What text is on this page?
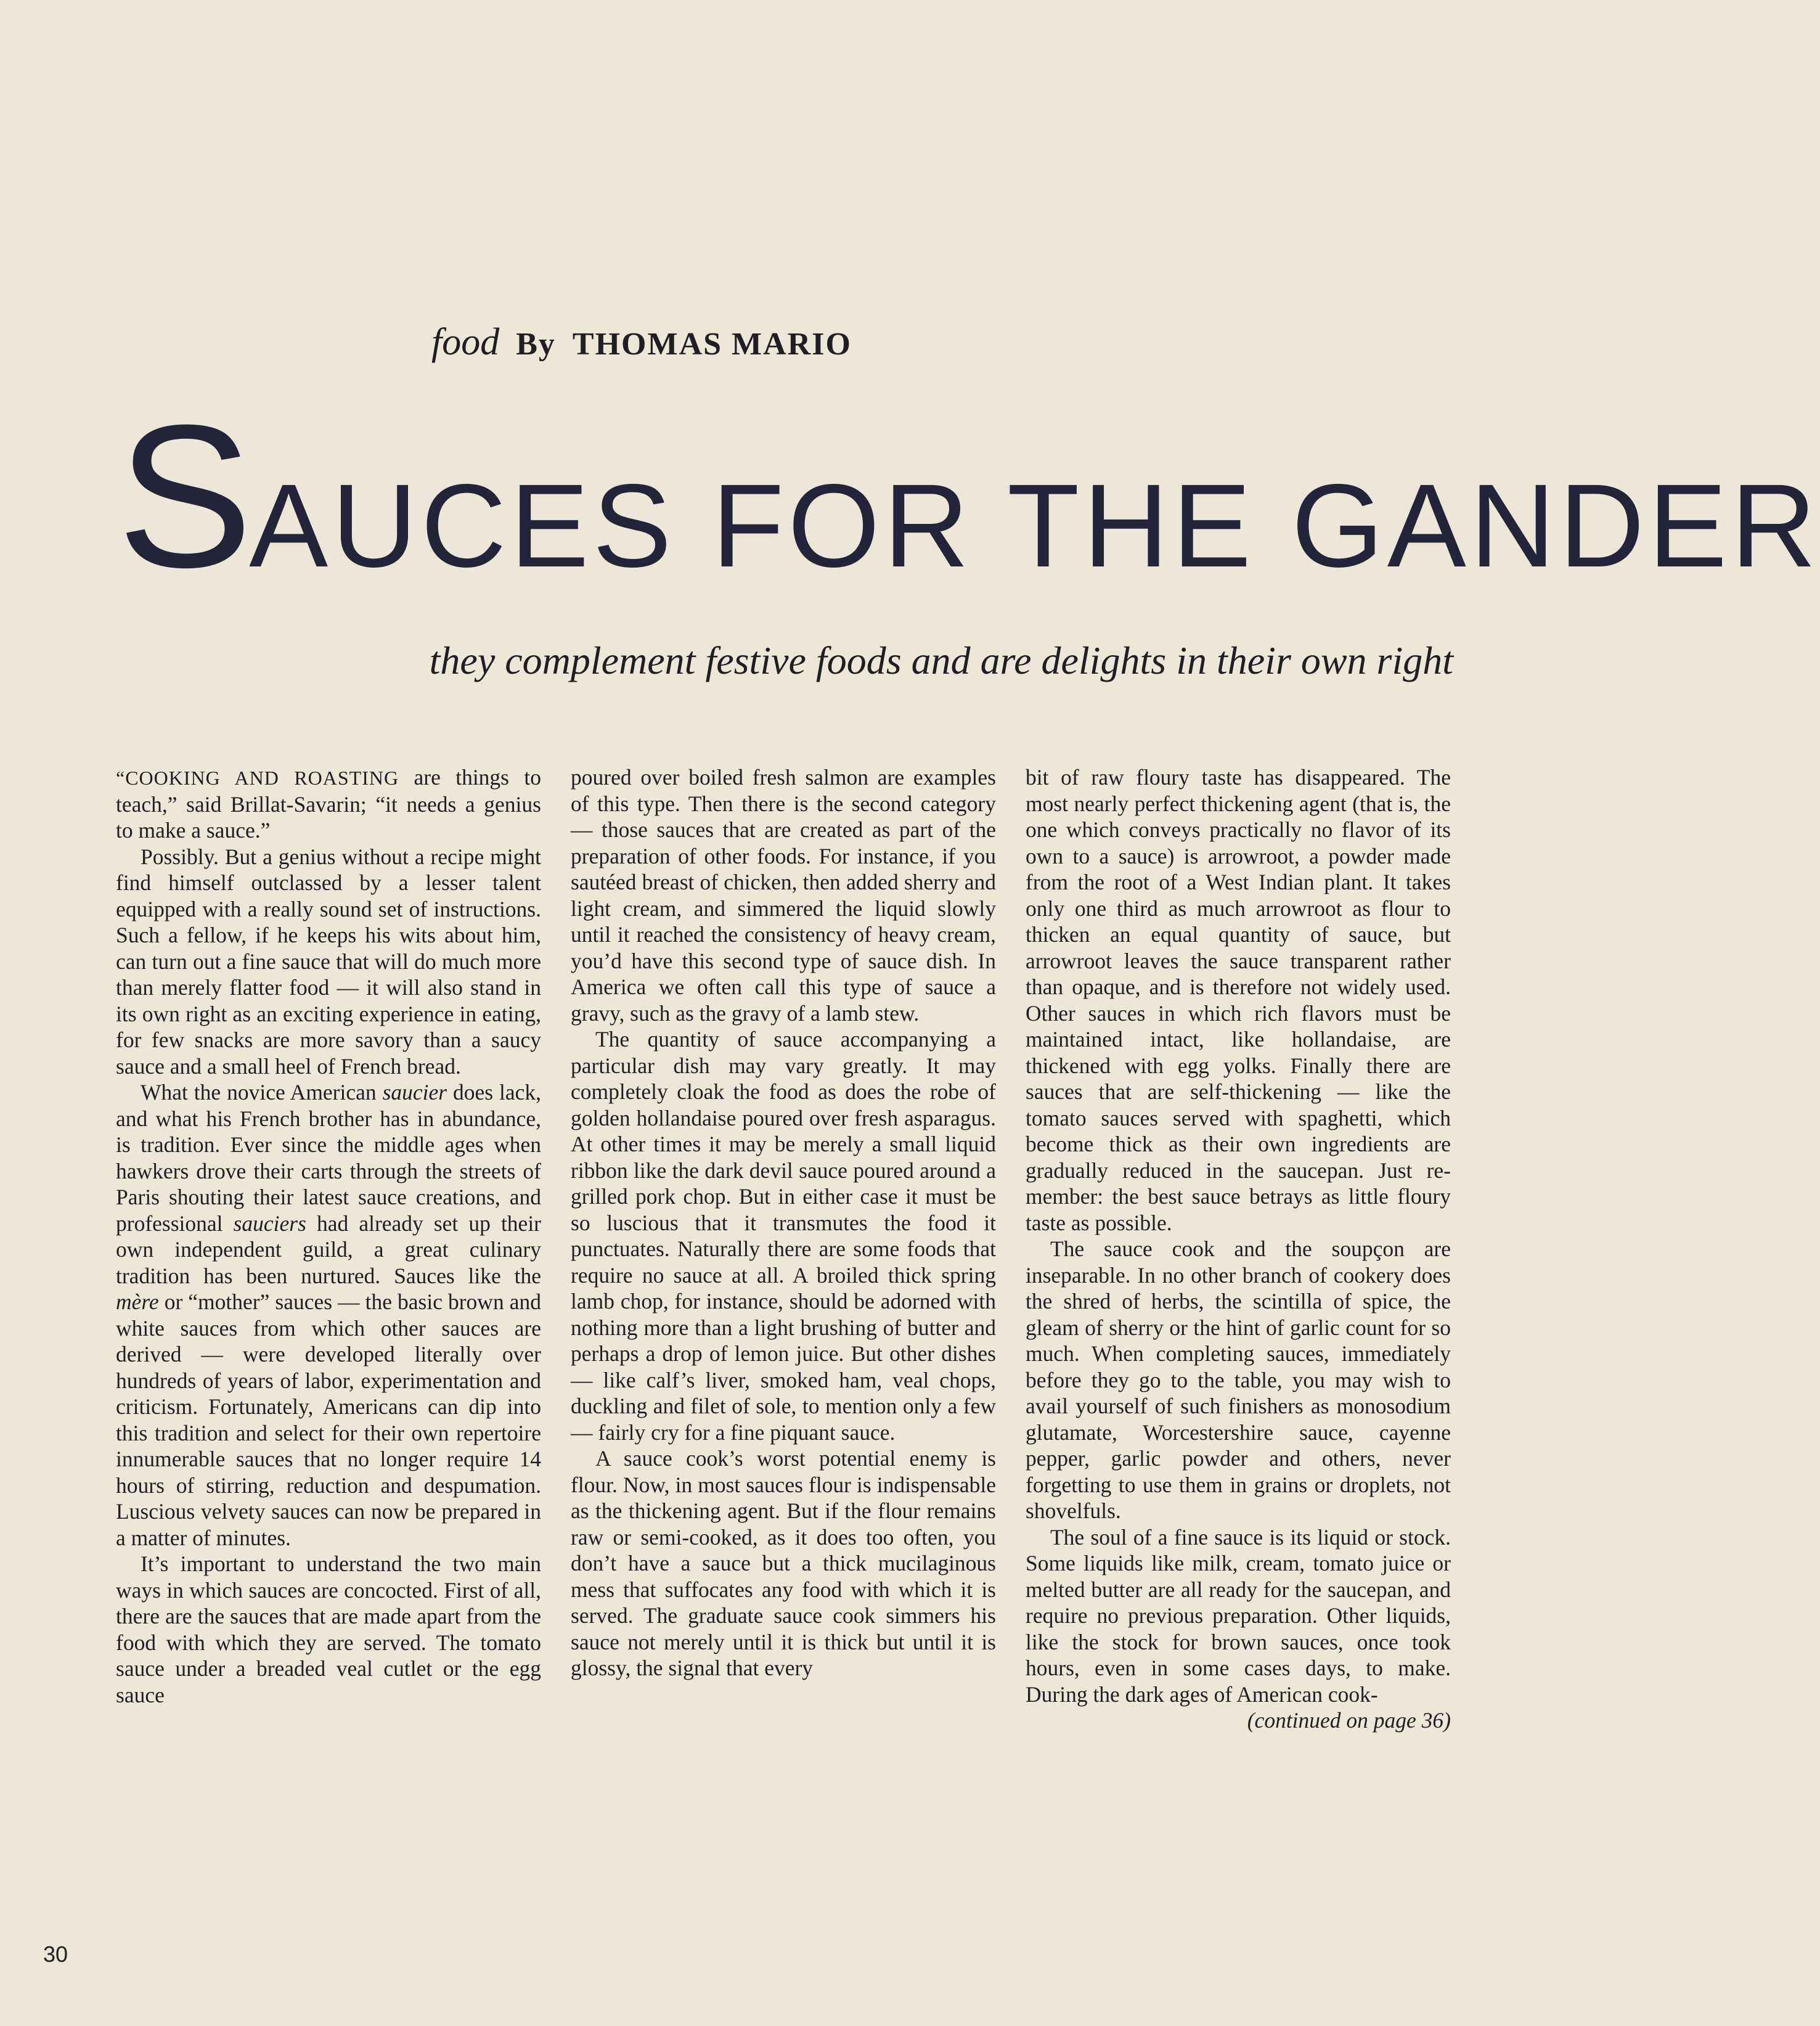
food By THOMAS MARIO
SAUCES FOR THE GANDER
they complement festive foods and are delights in their own right

“COOKING AND ROASTING are things to teach,” said Brillat-Savarin; “it needs a genius to make a sauce.”

Possibly. But a genius without a recipe might find himself outclassed by a lesser talent equipped with a really sound set of instructions. Such a fellow, if he keeps his wits about him, can turn out a fine sauce that will do much more than merely flatter food — it will also stand in its own right as an exciting experience in eating, for few snacks are more savory than a saucy sauce and a small heel of French bread.

What the novice American saucier does lack, and what his French brother has in abundance, is tradition. Ever since the middle ages when hawkers drove their carts through the streets of Paris shouting their latest sauce creations, and professional sauciers had already set up their own independent guild, a great culinary tradition has been nurtured. Sauces like the mère or “mother” sauces — the basic brown and white sauces from which other sauces are derived — were developed literally over hundreds of years of labor, experimentation and criticism. Fortunately, Americans can dip into this tradition and select for their own repertoire innumerable sauces that no longer require 14 hours of stirring, reduction and despumation. Luscious velvety sauces can now be prepared in a matter of minutes.

It’s important to understand the two main ways in which sauces are concocted. First of all, there are the sauces that are made apart from the food with which they are served. The tomato sauce under a breaded veal cutlet or the egg sauce

poured over boiled fresh salmon are examples of this type. Then there is the second category — those sauces that are created as part of the preparation of other foods. For instance, if you sautéed breast of chicken, then added sherry and light cream, and simmered the liquid slowly until it reached the consistency of heavy cream, you’d have this second type of sauce dish. In America we often call this type of sauce a gravy, such as the gravy of a lamb stew.

The quantity of sauce accompanying a particular dish may vary greatly. It may completely cloak the food as does the robe of golden hollandaise poured over fresh asparagus. At other times it may be merely a small liquid ribbon like the dark devil sauce poured around a grilled pork chop. But in either case it must be so luscious that it transmutes the food it punctuates. Naturally there are some foods that require no sauce at all. A broiled thick spring lamb chop, for instance, should be adorned with nothing more than a light brushing of butter and perhaps a drop of lemon juice. But other dishes — like calf’s liver, smoked ham, veal chops, duckling and filet of sole, to mention only a few — fairly cry for a fine piquant sauce.

A sauce cook’s worst potential enemy is flour. Now, in most sauces flour is indispensable as the thickening agent. But if the flour remains raw or semi-cooked, as it does too often, you don’t have a sauce but a thick mucilaginous mess that suffocates any food with which it is served. The graduate sauce cook simmers his sauce not merely until it is thick but until it is glossy, the signal that every

bit of raw floury taste has disappeared. The most nearly perfect thickening agent (that is, the one which conveys practically no flavor of its own to a sauce) is arrowroot, a powder made from the root of a West Indian plant. It takes only one third as much arrowroot as flour to thicken an equal quantity of sauce, but arrowroot leaves the sauce transparent rather than opaque, and is therefore not widely used. Other sauces in which rich flavors must be maintained intact, like hollandaise, are thickened with egg yolks. Finally there are sauces that are self-thickening — like the tomato sauces served with spaghetti, which become thick as their own ingredients are gradually reduced in the saucepan. Just remember: the best sauce betrays as little floury taste as possible.

The sauce cook and the soupçon are inseparable. In no other branch of cookery does the shred of herbs, the scintilla of spice, the gleam of sherry or the hint of garlic count for so much. When completing sauces, immediately before they go to the table, you may wish to avail yourself of such finishers as monosodium glutamate, Worcestershire sauce, cayenne pepper, garlic powder and others, never forgetting to use them in grains or droplets, not shovelfuls.

The soul of a fine sauce is its liquid or stock. Some liquids like milk, cream, tomato juice or melted butter are all ready for the saucepan, and require no previous preparation. Other liquids, like the stock for brown sauces, once took hours, even in some cases days, to make. During the dark ages of American cook-

(continued on page 36)

30
